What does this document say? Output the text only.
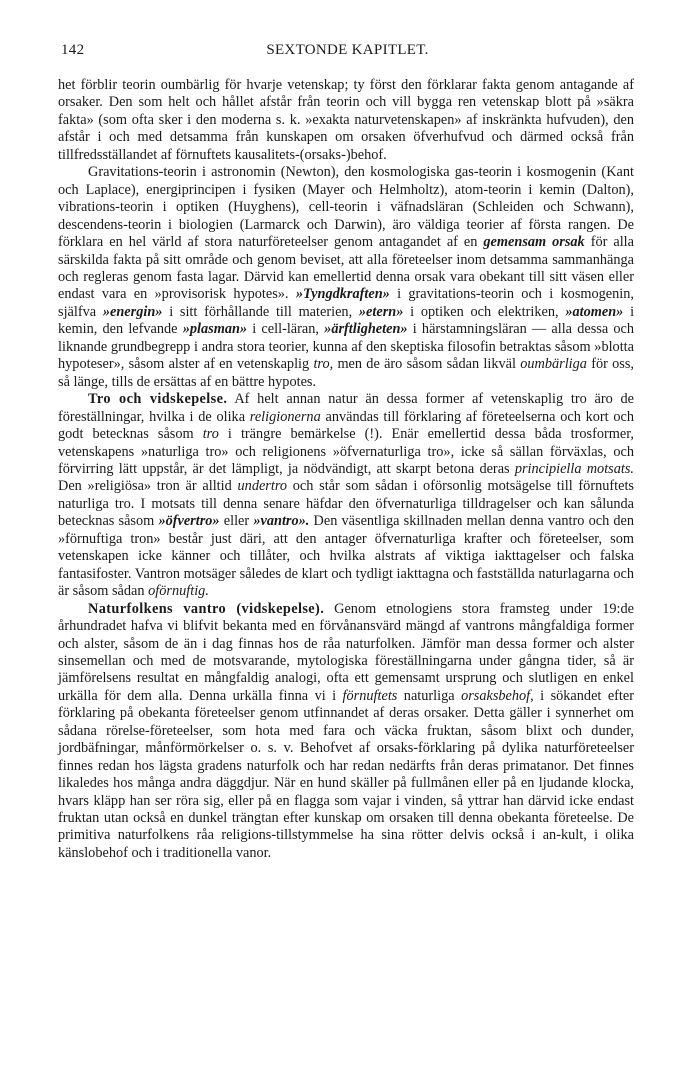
142	SEXTONDE KAPITLET.

het förblir teorin oumbärlig för hvarje vetenskap; ty först den förklarar fakta genom antagande af orsaker. Den som helt och hållet afstår från teorin och vill bygga ren vetenskap blott på »säkra fakta» (som ofta sker i den moderna s. k. »exakta naturvetenskapen» af inskränkta hufvuden), den afstår i och med detsamma från kunskapen om orsaken öfverhufvud och därmed också från tillfredsställandet af förnuftets kausalitets-(orsaks-)behof.

Gravitations-teorin i astronomin (Newton), den kosmologiska gas-teorin i kosmogenin (Kant och Laplace), energiprincipen i fysiken (Mayer och Helmholtz), atom-teorin i kemin (Dalton), vibrations-teorin i optiken (Huyghens), cell-teorin i väfnadsläran (Schleiden och Schwann), descendens-teorin i biologien (Larmarck och Darwin), äro väldiga teorier af första rangen. De förklara en hel värld af stora naturföreteelser genom antagandet af en gemensam orsak för alla särskilda fakta på sitt område och genom beviset, att alla företeelser inom detsamma sammanhänga och regleras genom fasta lagar. Därvid kan emellertid denna orsak vara obekant till sitt väsen eller endast vara en »provisorisk hypotes». »Tyngdkraften» i gravitations-teorin och i kosmogenin, själfva »energin» i sitt förhållande till materien, »etern» i optiken och elektriken, »atomen» i kemin, den lefvande »plasman» i cell-läran, »ärftligheten» i härstamningsläran — alla dessa och liknande grundbegrepp i andra stora teorier, kunna af den skeptiska filosofin betraktas såsom »blotta hypoteser», såsom alster af en vetenskaplig tro, men de äro såsom sådan likväl oumbärliga för oss, så länge, tills de ersättas af en bättre hypotes.

Tro och vidskepelse. Af helt annan natur än dessa former af vetenskaplig tro äro de föreställningar, hvilka i de olika religionerna användas till förklaring af företeelserna och kort och godt betecknas såsom tro i trängre bemärkelse (!). Enär emellertid dessa båda trosformer, vetenskapens »naturliga tro» och religionens »öfvernaturliga tro», icke så sällan förväxlas, och förvirring lätt uppstår, är det lämpligt, ja nödvändigt, att skarpt betona deras principiella motsats. Den »religiösa» tron är alltid undertro och står som sådan i oförsonlig motsägelse till förnuftets naturliga tro. I motsats till denna senare häfdar den öfvernaturliga tilldragelser och kan sålunda betecknas såsom »öfvertro» eller »vantro». Den väsentliga skillnaden mellan denna vantro och den »förnuftiga tron» består just däri, att den antager öfvernaturliga krafter och företeelser, som vetenskapen icke känner och tillåter, och hvilka alstrats af viktiga iakttagelser och falska fantasifoster. Vantron motsäger således de klart och tydligt iakttagna och fastställda naturlagarna och är såsom sådan oförnuftig.

Naturfolkens vantro (vidskepelse). Genom etnologiens stora framsteg under 19:de århundradet hafva vi blifvit bekanta med en förvånansvärd mängd af vantrons mångfaldiga former och alster, såsom de än i dag finnas hos de råa naturfolken. Jämför man dessa former och alster sinsemellan och med de motsvarande, mytologiska föreställningarna under gångna tider, så är jämförelsens resultat en mångfaldig analogi, ofta ett gemensamt ursprung och slutligen en enkel urkälla för dem alla. Denna urkälla finna vi i förnuftets naturliga orsaksbehof, i sökandet efter förklaring på obekanta företeelser genom utfinnandet af deras orsaker. Detta gäller i synnerhet om sådana rörelse-företeelser, som hota med fara och väcka fruktan, såsom blixt och dunder, jordbäfningar, månförmörkelser o. s. v. Behofvet af orsaks-förklaring på dylika naturföreteelser finnes redan hos lägsta gradens naturfolk och har redan nedärfts från deras primatanor. Det finnes likaledes hos många andra däggdjur. När en hund skäller på fullmånen eller på en ljudande klocka, hvars kläpp han ser röra sig, eller på en flagga som vajar i vinden, så yttrar han därvid icke endast fruktan utan också en dunkel trängtan efter kunskap om orsaken till denna obekanta företeelse. De primitiva naturfolkens råa religions-tillstymmelse ha sina rötter delvis också i an-kult, i olika känslobehof och i traditionella vanor.
